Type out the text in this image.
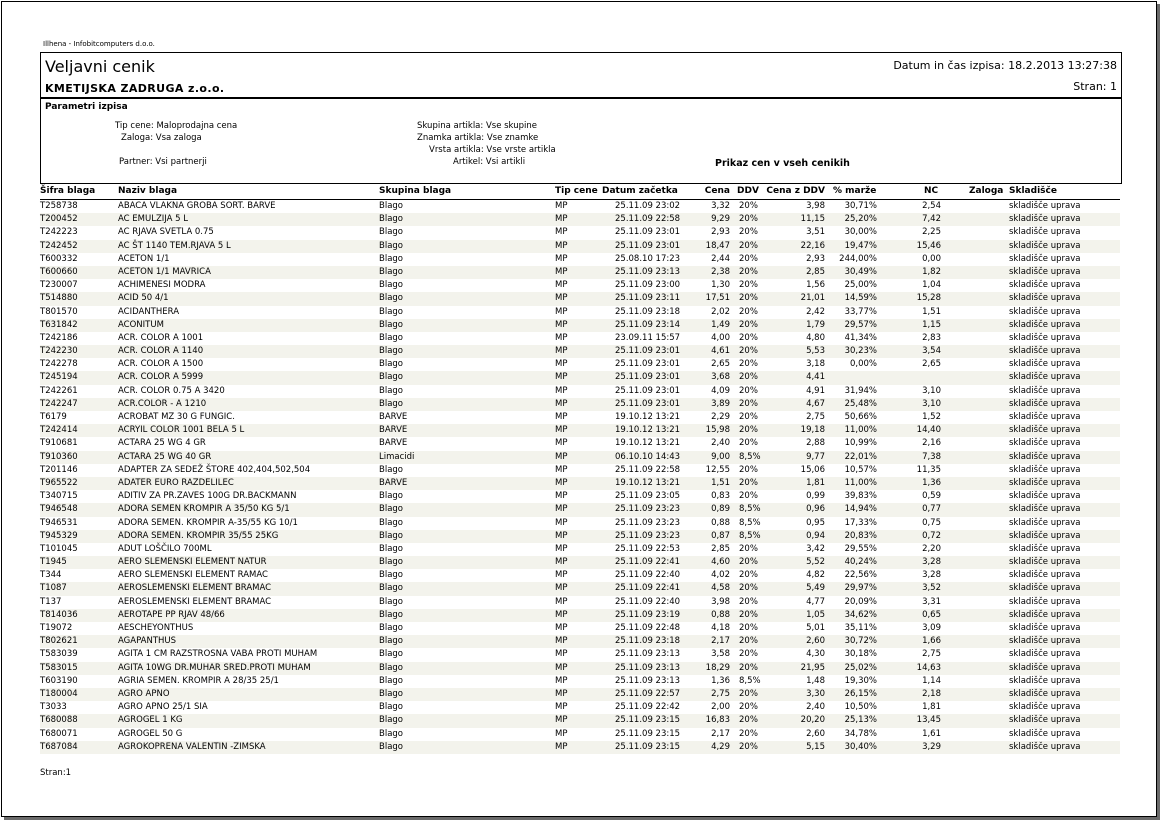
Illhena - Infobitcomputers d.o.o.
Veljavni cenik
KMETIJSKA ZADRUGA z.o.o.
Datum in čas izpisa: 18.2.2013 13:27:38
Stran: 1
Parametri izpisa
Tip cene: Maloprodajna cena
Zaloga: Vsa zaloga
Partner: Vsi partnerji
Skupina artikla: Vse skupine
Znamka artikla: Vse znamke
Vrsta artikla: Vse vrste artikla
Artikel: Vsi artikli	Prikaz cen v vseh cenikih
Šifra blaga	Naziv blaga	Skupina blaga	Tip cene Datum začetka	Cena DDV Cena z DDV % marže	NC	Zaloga Skladišče
T258738	ABACA VLAKNA GROBA SORT. BARVE	Blago	MP	25.11.09 23:02	3,32 20%	3,98 30,71%	2,54	skladišče uprava
T200452	AC EMULZIJA 5 L	Blago	MP	25.11.09 22:58	9,29 20%	11,15 25,20%	7,42	skladišče uprava
T242223	AC RJAVA SVETLA 0.75	Blago	MP	25.11.09 23:01	2,93 20%	3,51 30,00%	2,25	skladišče uprava
T242452	AC ŠT 1140 TEM.RJAVA 5 L	Blago	MP	25.11.09 23:01	18,47 20%	22,16 19,47%	15,46	skladišče uprava
T600332	ACETON 1/1	Blago	MP	25.08.10 17:23	2,44 20%	2,93 244,00%	0,00	skladišče uprava
T600660	ACETON 1/1 MAVRICA	Blago	MP	25.11.09 23:13	2,38 20%	2,85 30,49%	1,82	skladišče uprava
T230007	ACHIMENESI MODRA	Blago	MP	25.11.09 23:00	1,30 20%	1,56 25,00%	1,04	skladišče uprava
T514880	ACID 50 4/1	Blago	MP	25.11.09 23:11	17,51 20%	21,01 14,59%	15,28	skladišče uprava
T801570	ACIDANTHERA	Blago	MP	25.11.09 23:18	2,02 20%	2,42 33,77%	1,51	skladišče uprava
T631842	ACONITUM	Blago	MP	25.11.09 23:14	1,49 20%	1,79 29,57%	1,15	skladišče uprava
T242186	ACR. COLOR A 1001	Blago	MP	23.09.11 15:57	4,00 20%	4,80 41,34%	2,83	skladišče uprava
T242230	ACR. COLOR A 1140	Blago	MP	25.11.09 23:01	4,61 20%	5,53 30,23%	3,54	skladišče uprava
T242278	ACR. COLOR A 1500	Blago	MP	25.11.09 23:01	2,65 20%	3,18	0,00%	2,65	skladišče uprava
T245194	ACR. COLOR A 5999	Blago	MP	25.11.09 23:01	3,68 20%	4,41	skladišče uprava
T242261	ACR. COLOR 0.75 A 3420	Blago	MP	25.11.09 23:01	4,09 20%	4,91 31,94%	3,10	skladišče uprava
T242247	ACR.COLOR - A 1210	Blago	MP	25.11.09 23:01	3,89 20%	4,67 25,48%	3,10	skladišče uprava
T6179	ACROBAT MZ 30 G FUNGIC.	BARVE	MP	19.10.12 13:21	2,29 20%	2,75 50,66%	1,52	skladišče uprava
T242414	ACRYIL COLOR 1001 BELA 5 L	BARVE	MP	19.10.12 13:21	15,98 20%	19,18 11,00%	14,40	skladišče uprava
T910681	ACTARA 25 WG 4 GR	BARVE	MP	19.10.12 13:21	2,40 20%	2,88 10,99%	2,16	skladišče uprava
T910360	ACTARA 25 WG 40 GR	Limacidi	MP	06.10.10 14:43	9,00 8,5%	9,77 22,01%	7,38	skladišče uprava
T201146	ADAPTER ZA SEDEŽ ŠTORE 402,404,502,504	Blago	MP	25.11.09 22:58	12,55 20%	15,06 10,57%	11,35	skladišče uprava
T965522	ADATER EURO RAZDELILEC	BARVE	MP	19.10.12 13:21	1,51 20%	1,81 11,00%	1,36	skladišče uprava
T340715	ADITIV ZA PR.ZAVES 100G DR.BACKMANN	Blago	MP	25.11.09 23:05	0,83 20%	0,99 39,83%	0,59	skladišče uprava
T946548	ADORA SEMEN KROMPIR A 35/50 KG 5/1	Blago	MP	25.11.09 23:23	0,89 8,5%	0,96 14,94%	0,77	skladišče uprava
T946531	ADORA SEMEN. KROMPIR A-35/55 KG 10/1	Blago	MP	25.11.09 23:23	0,88 8,5%	0,95 17,33%	0,75	skladišče uprava
T945329	ADORA SEMEN. KROMPIR 35/55 25KG	Blago	MP	25.11.09 23:23	0,87 8,5%	0,94 20,83%	0,72	skladišče uprava
T101045	ADUT LOŠČILO 700ML	Blago	MP	25.11.09 22:53	2,85 20%	3,42 29,55%	2,20	skladišče uprava
T1945	AERO SLEMENSKI ELEMENT NATUR	Blago	MP	25.11.09 22:41	4,60 20%	5,52 40,24%	3,28	skladišče uprava
T344	AERO SLEMENSKI ELEMENT RAMAC	Blago	MP	25.11.09 22:40	4,02 20%	4,82 22,56%	3,28	skladišče uprava
T1087	AEROSLEMENSKI ELEMENT BRAMAC	Blago	MP	25.11.09 22:41	4,58 20%	5,49 29,97%	3,52	skladišče uprava
T137	AEROSLEMENSKI ELEMENT BRAMAC	Blago	MP	25.11.09 22:40	3,98 20%	4,77 20,09%	3,31	skladišče uprava
T814036	AEROTAPE PP RJAV 48/66	Blago	MP	25.11.09 23:19	0,88 20%	1,05 34,62%	0,65	skladišče uprava
T19072	AESCHEYONTHUS	Blago	MP	25.11.09 22:48	4,18 20%	5,01 35,11%	3,09	skladišče uprava
T802621	AGAPANTHUS	Blago	MP	25.11.09 23:18	2,17 20%	2,60 30,72%	1,66	skladišče uprava
T583039	AGITA 1 CM RAZSTROSNA VABA PROTI MUHAM	Blago	MP	25.11.09 23:13	3,58 20%	4,30 30,18%	2,75	skladišče uprava
T583015	AGITA 10WG DR.MUHAR SRED.PROTI MUHAM	Blago	MP	25.11.09 23:13	18,29 20%	21,95 25,02%	14,63	skladišče uprava
T603190	AGRIA SEMEN. KROMPIR A 28/35 25/1	Blago	MP	25.11.09 23:13	1,36 8,5%	1,48 19,30%	1,14	skladišče uprava
T180004	AGRO APNO	Blago	MP	25.11.09 22:57	2,75 20%	3,30 26,15%	2,18	skladišče uprava
T3033	AGRO APNO 25/1 SIA	Blago	MP	25.11.09 22:42	2,00 20%	2,40 10,50%	1,81	skladišče uprava
T680088	AGROGEL 1 KG	Blago	MP	25.11.09 23:15	16,83 20%	20,20 25,13%	13,45	skladišče uprava
T680071	AGROGEL 50 G	Blago	MP	25.11.09 23:15	2,17 20%	2,60 34,78%	1,61	skladišče uprava
T687084	AGROKOPRENA VALENTIN -ZIMSKA	Blago	MP	25.11.09 23:15	4,29 20%	5,15 30,40%	3,29	skladišče uprava
Stran:1
